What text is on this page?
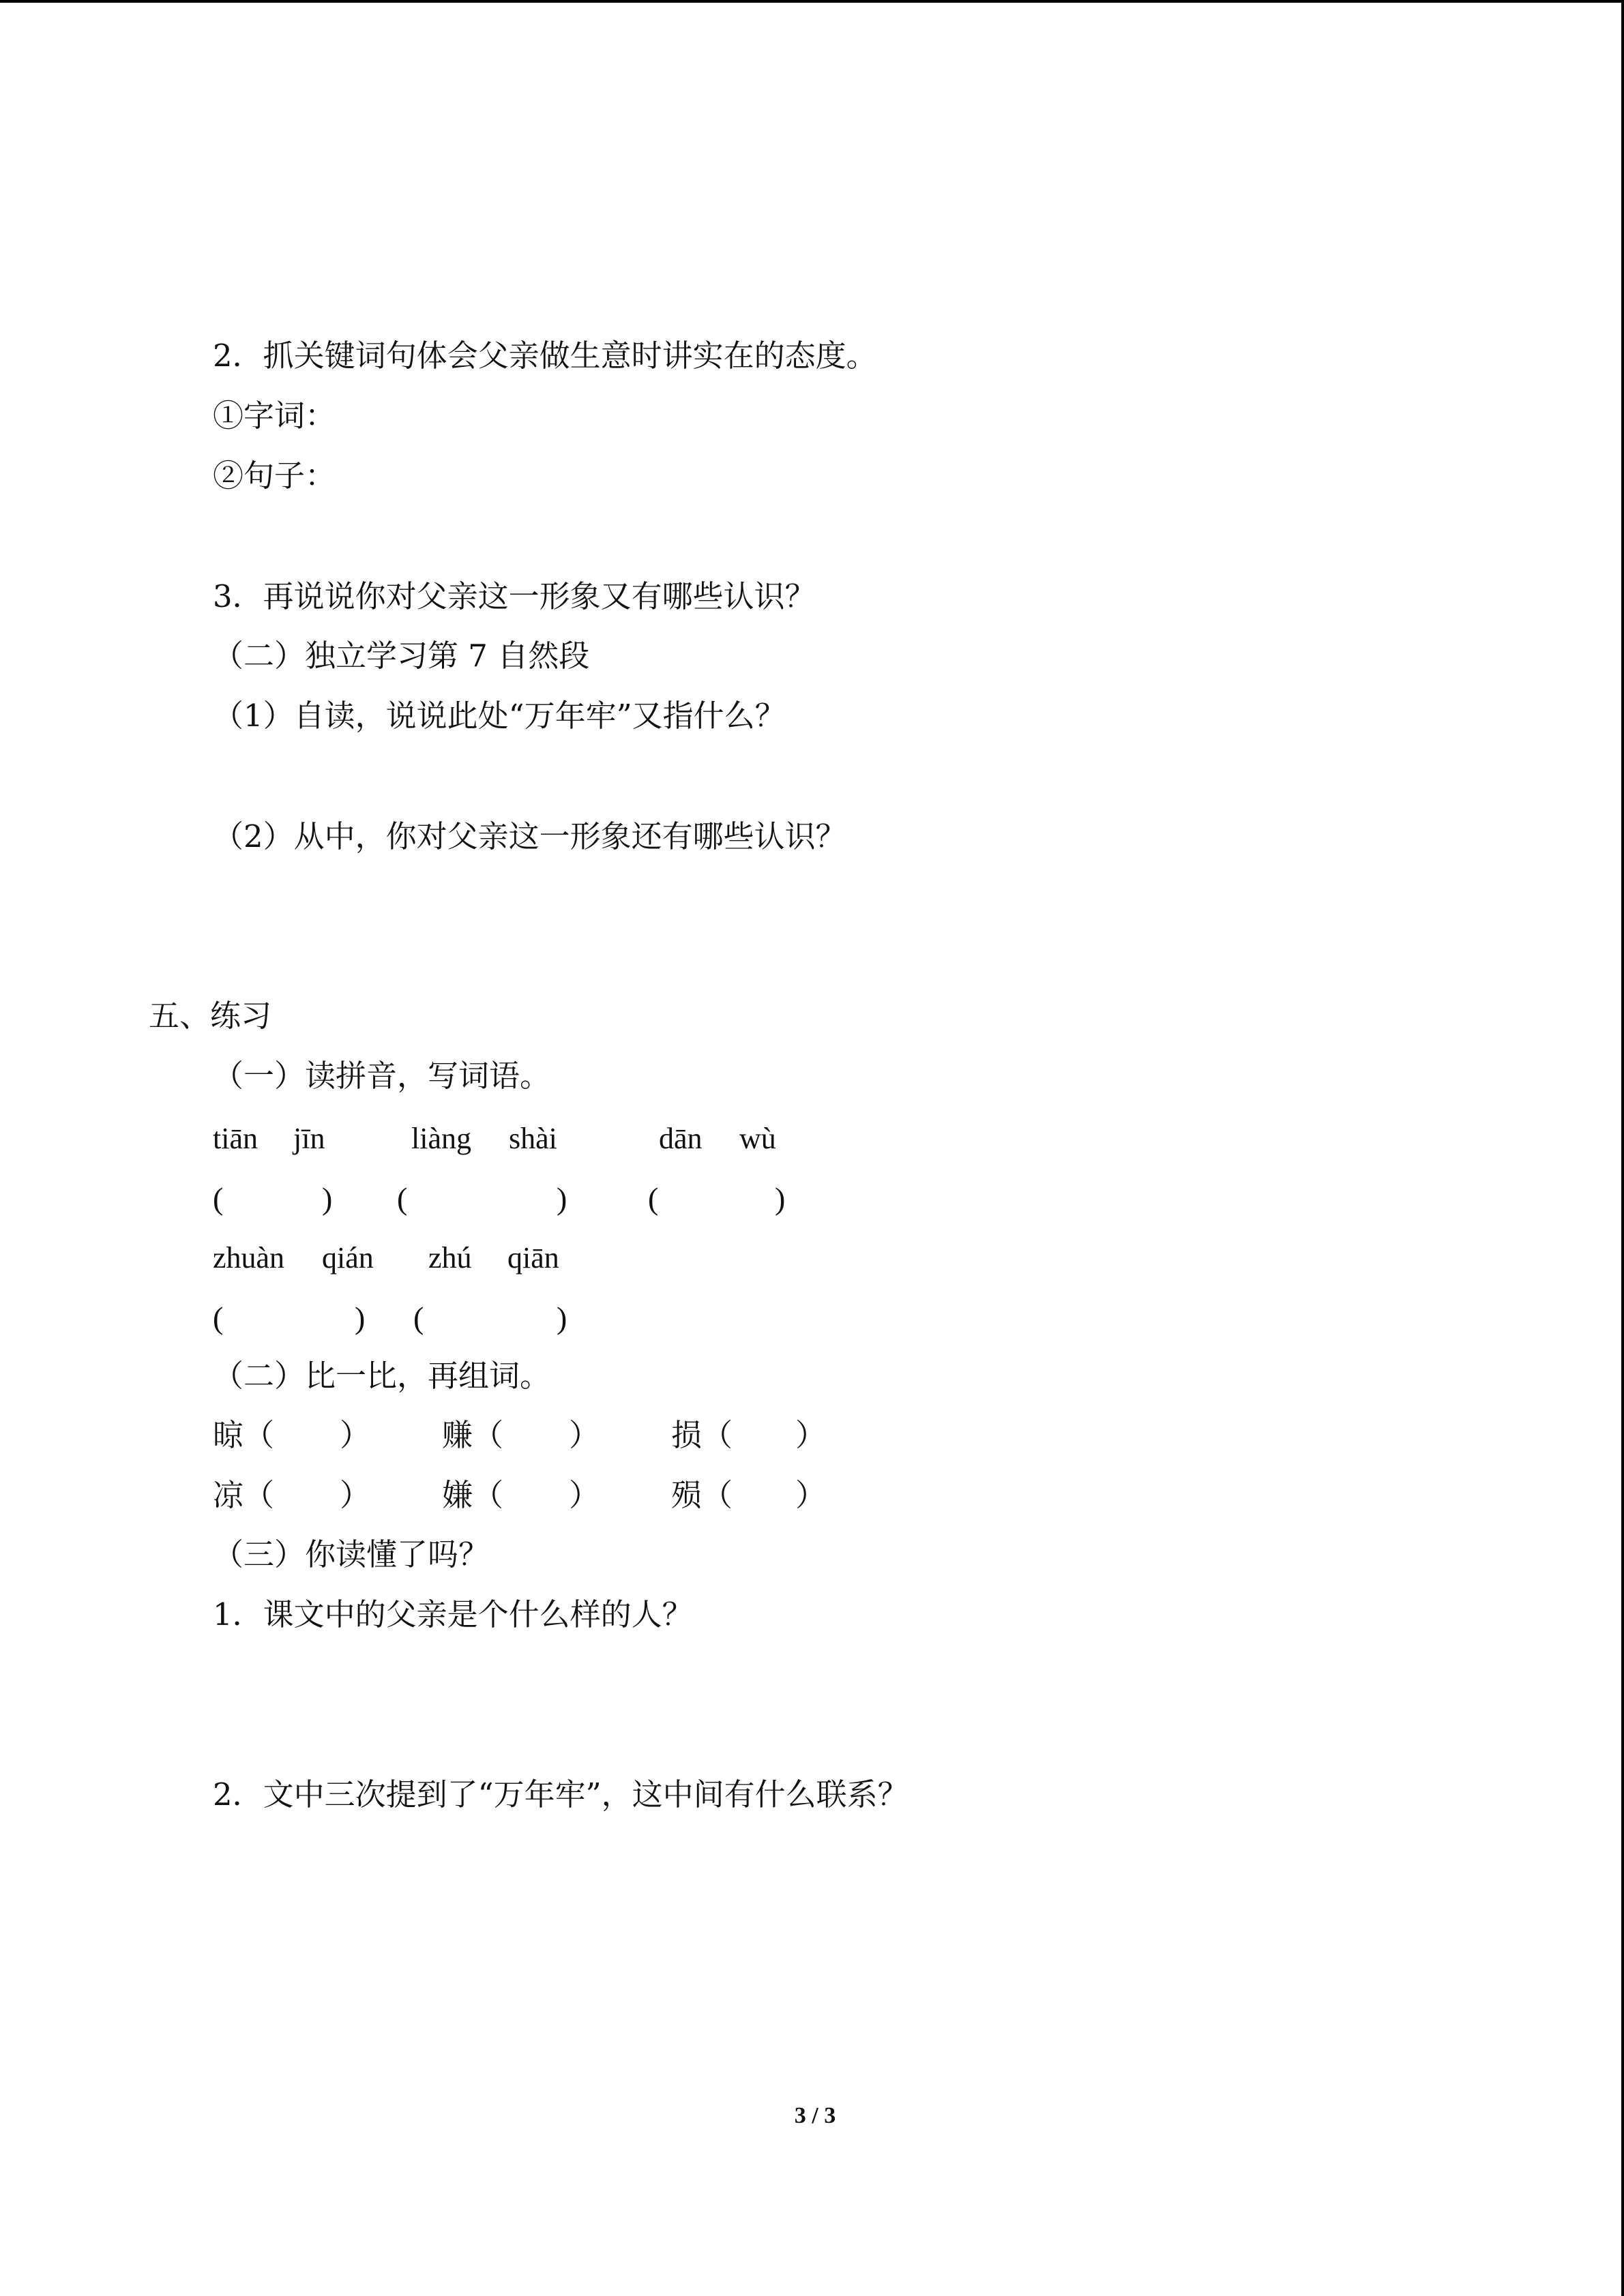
2．抓关键词句体会父亲做生意时讲实在的态度。
①字词：
②句子：
3．再说说你对父亲这一形象又有哪些认识？
（二）独立学习第 7 自然段
（1）自读，说说此处“万年牢”又指什么？
（2）从中，你对父亲这一形象还有哪些认识？
五、练习
（一）读拼音，写词语。
tiān jīn	liàng shài	dān wù
(	) (	)	(	)
zhuàn qián zhú qiān
(	) (	)
（二）比一比，再组词。
晾（ ） 赚（ ） 损（ ）
凉（ ） 嫌（ ） 殒（ ）
（三）你读懂了吗？
1．课文中的父亲是个什么样的人？
2．文中三次提到了“万年牢”，这中间有什么联系？
3 / 3
